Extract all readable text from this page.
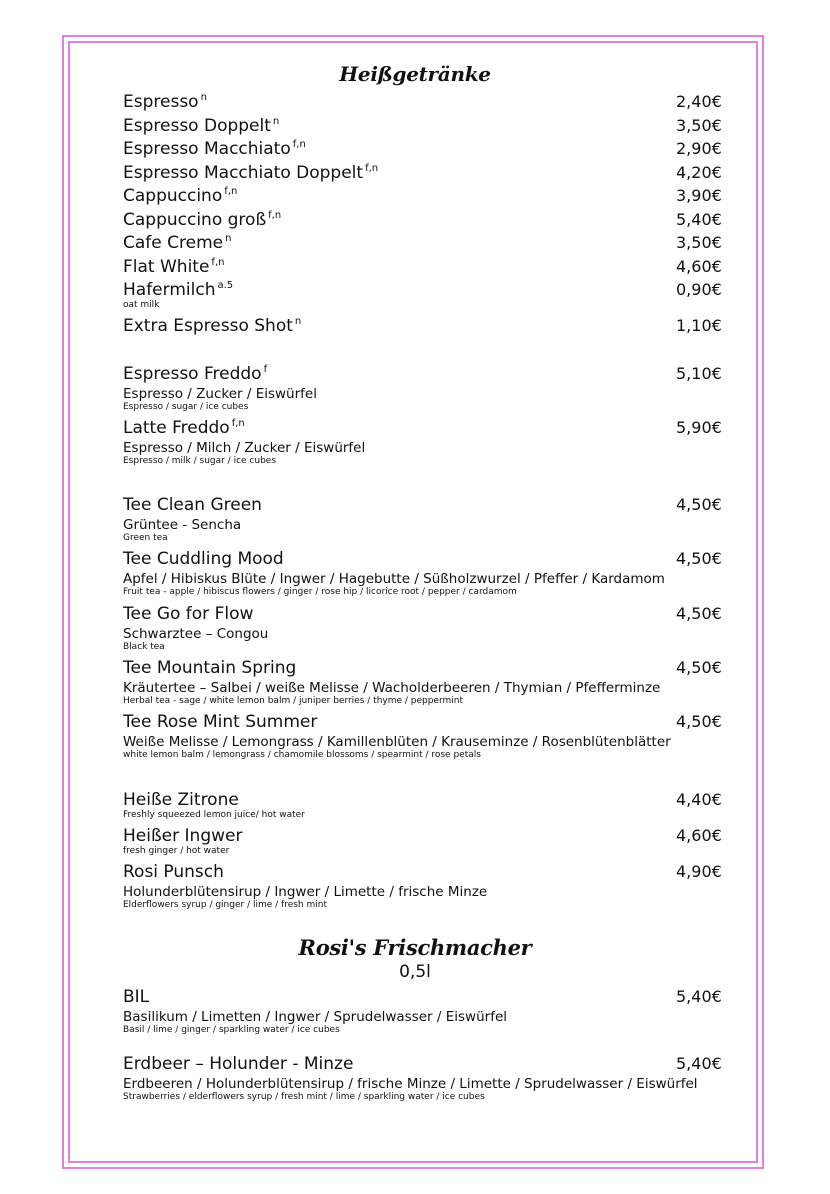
Heißgetränke
Rosi's Frischmacher
0,5l
Espresso $^n$	2,40€
Espresso Doppelt $^n$	3,50€
Espresso Macchiato $^{f,n}$	2,90€
Espresso Macchiato Doppelt $^{f,n}$	4,20€
Cappuccino $^{f,n}$	3,90€
Cappuccino groß $^{f,n}$	5,40€
Cafe Creme $^n$	3,50€
Flat White $^{f,n}$	4,60€
Hafermilch $^{a.5}$	0,90€
oat milk
Extra Espresso Shot $^n$	1,10€
Espresso Freddo $^f$	5,10€
Espresso / Zucker / Eiswürfel
Espresso / sugar / ice cubes
Latte Freddo $^{f,n}$	5,90€
Espresso / Milch / Zucker / Eiswürfel
Espresso / milk / sugar / ice cubes
Tee Clean Green	4,50€
Grüntee - Sencha
Green tea
Tee Cuddling Mood	4,50€
Apfel / Hibiskus Blüte / Ingwer / Hagebutte / Süßholzwurzel / Pfeffer / Kardamom
Fruit tea - apple / hibiscus flowers / ginger / rose hip / licorice root / pepper / cardamom
Tee Go for Flow	4,50€
Schwarztee – Congou
Black tea
Tee Mountain Spring	4,50€
Kräutertee – Salbei / weiße Melisse / Wacholderbeeren / Thymian / Pfefferminze
Herbal tea - sage / white lemon balm / juniper berries / thyme / peppermint
Tee Rose Mint Summer	4,50€
Weiße Melisse / Lemongrass / Kamillenblüten / Krauseminze / Rosenblütenblätter
white lemon balm / lemongrass / chamomile blossoms / spearmint / rose petals
Heiße Zitrone	4,40€
Freshly squeezed lemon juice/ hot water
Heißer Ingwer	4,60€
fresh ginger / hot water
Rosi Punsch	4,90€
Holunderblütensirup / Ingwer / Limette / frische Minze
Elderflowers syrup / ginger / lime / fresh mint
BIL	5,40€
Basilikum / Limetten / Ingwer / Sprudelwasser / Eiswürfel
Basil / lime / ginger / sparkling water / ice cubes
Erdbeer – Holunder - Minze	5,40€
Erdbeeren / Holunderblütensirup / frische Minze / Limette / Sprudelwasser / Eiswürfel
Strawberries / elderflowers syrup / fresh mint / lime / sparkling water / ice cubes
